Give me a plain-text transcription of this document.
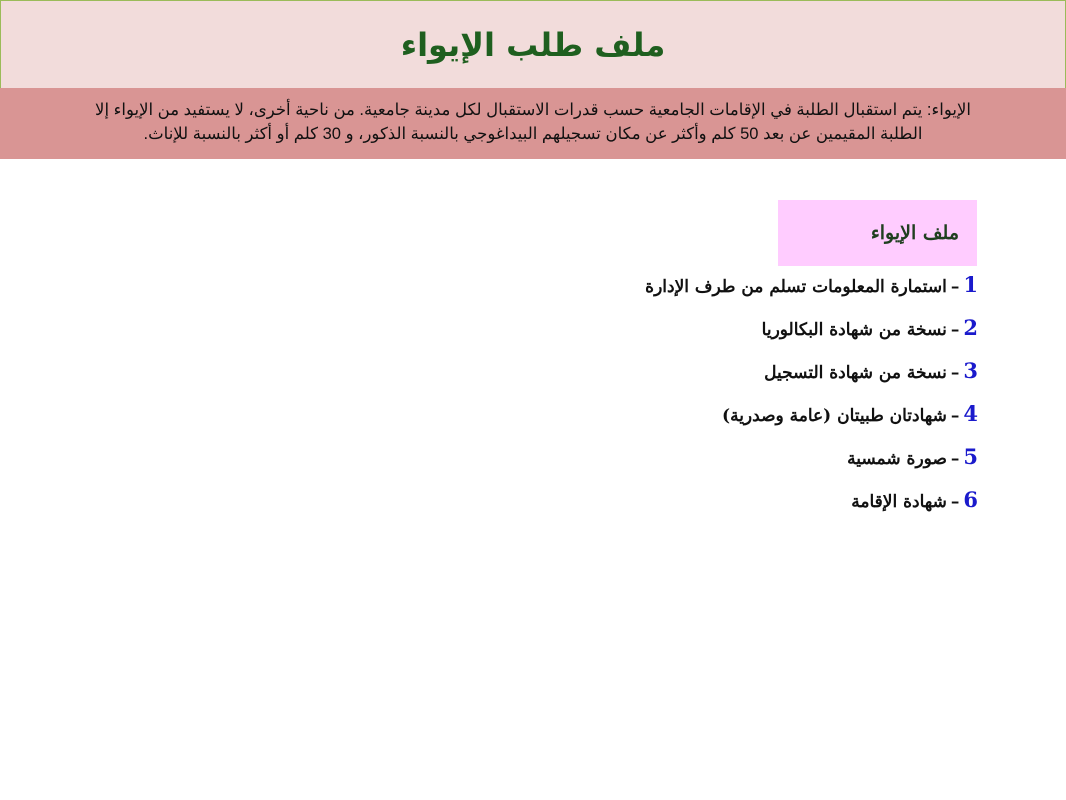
ملف طلب الإيواء
الإيواء: يتم استقبال الطلبة في الإقامات الجامعية حسب قدرات الاستقبال لكل مدينة جامعية. من ناحية أخرى، لا يستفيد من الإيواء إلا
الطلبة المقيمين عن بعد 50 كلم وأكثر عن مكان تسجيلهم البيداغوجي بالنسبة الذكور، و 30 كلم أو أكثر بالنسبة للإناث.
ملف الإيواء
1–استمارة المعلومات تسلم من طرف الإدارة
2–نسخة من شهادة البكالوريا
3–نسخة من شهادة التسجيل
4–شهادتان طبيتان (عامة وصدرية)
5–صورة شمسية
6–شهادة الإقامة
